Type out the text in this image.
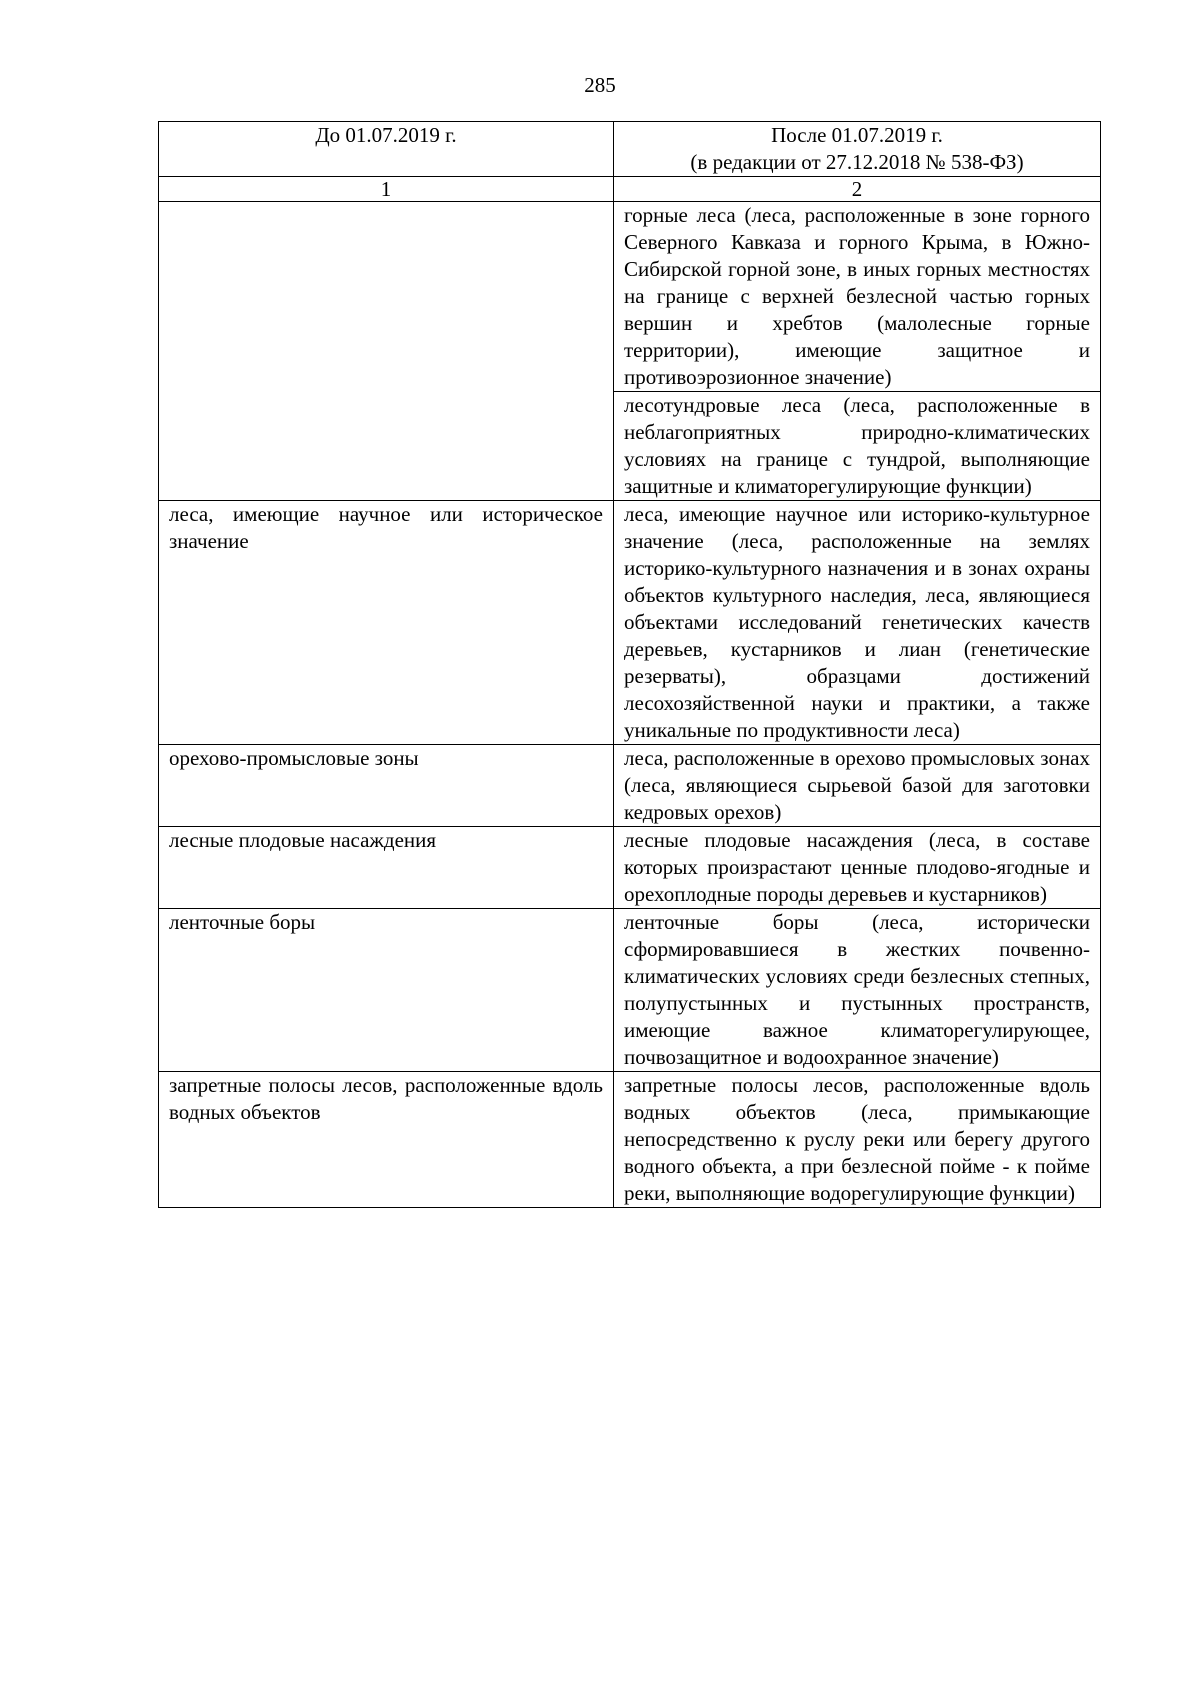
285
До 01.07.2019 г.	После 01.07.2019 г.
(в редакции от 27.12.2018 № 538-ФЗ)

1	2
	горные леса (леса, расположенные в зоне горного Северного Кавказа и горного Крыма, в Южно-Сибирской горной зоне, в иных горных местностях на границе с верхней безлесной частью горных вершин и хребтов (малолесные горные территории), имеющие защитное и противоэрозионное значение)
	лесотундровые леса (леса, расположенные в неблагоприятных природно-климатических условиях на границе с тундрой, выполняющие защитные и климаторегулирующие функции)
леса, имеющие научное или историческое значение	леса, имеющие научное или историко-культурное значение (леса, расположенные на землях историко-культурного назначения и в зонах охраны объектов культурного наследия, леса, являющиеся объектами исследований генетических качеств деревьев, кустарников и лиан (генетические резерваты), образцами достижений лесохозяйственной науки и практики, а также уникальные по продуктивности леса)
орехово-промысловые зоны	леса, расположенные в орехово промысловых зонах (леса, являющиеся сырьевой базой для заготовки кедровых орехов)
лесные плодовые насаждения	лесные плодовые насаждения (леса, в составе которых произрастают ценные плодово-ягодные и орехоплодные породы деревьев и кустарников)
ленточные боры	ленточные боры (леса, исторически сформировавшиеся в жестких почвенно-климатических условиях среди безлесных степных, полупустынных и пустынных пространств, имеющие важное климаторегулирующее, почвозащитное и водоохранное значение)
запретные полосы лесов, расположенные вдоль водных объектов	запретные полосы лесов, расположенные вдоль водных объектов (леса, примыкающие непосредственно к руслу реки или берегу другого водного объекта, а при безлесной пойме - к пойме реки, выполняющие водорегулирующие функции)
